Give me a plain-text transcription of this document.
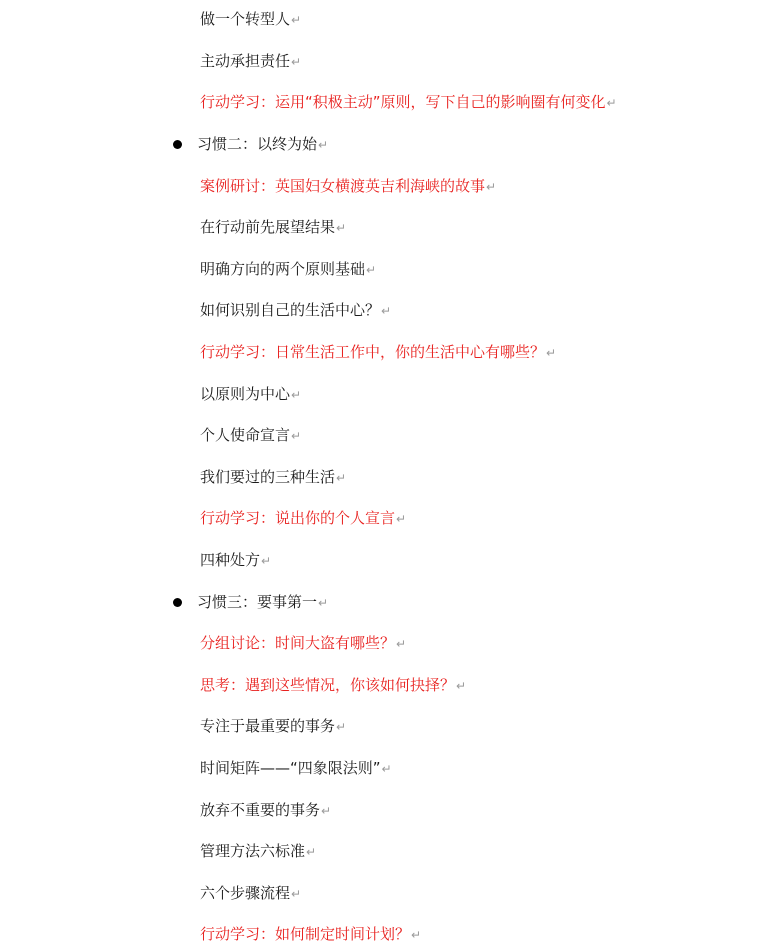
做一个转型人↵
主动承担责任↵
行动学习：运用“积极主动”原则，写下自己的影响圈有何变化↵
习惯二：以终为始↵
案例研讨：英国妇女横渡英吉利海峡的故事↵
在行动前先展望结果↵
明确方向的两个原则基础↵
如何识别自己的生活中心？↵
行动学习：日常生活工作中，你的生活中心有哪些？↵
以原则为中心↵
个人使命宣言↵
我们要过的三种生活↵
行动学习：说出你的个人宣言↵
四种处方↵
习惯三：要事第一↵
分组讨论：时间大盗有哪些？↵
思考：遇到这些情况，你该如何抉择？↵
专注于最重要的事务↵
时间矩阵——“四象限法则”↵
放弃不重要的事务↵
管理方法六标准↵
六个步骤流程↵
行动学习：如何制定时间计划？↵
